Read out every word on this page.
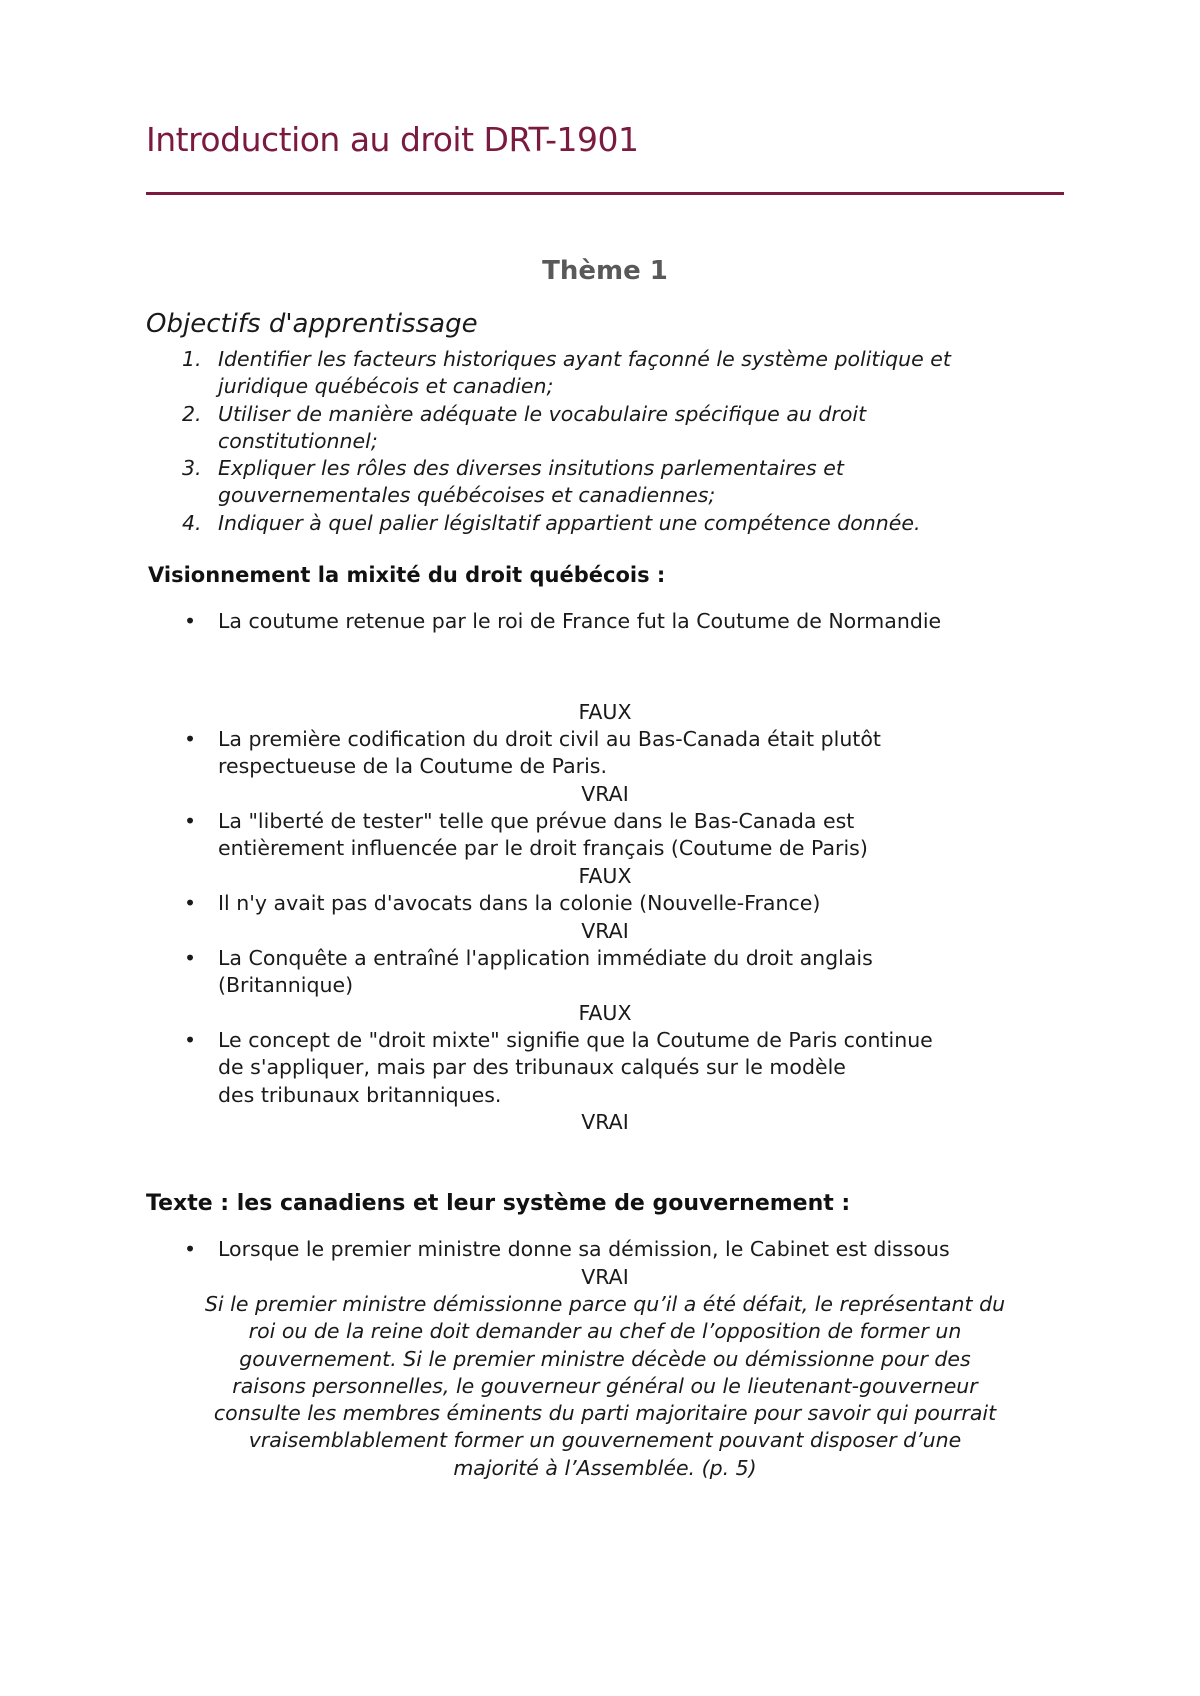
Introduction au droit DRT-1901
Thème 1
Objectifs d'apprentissage
1. Identifier les facteurs historiques ayant façonné le système politique et
juridique québécois et canadien;
2. Utiliser de manière adéquate le vocabulaire spécifique au droit
constitutionnel;
3. Expliquer les rôles des diverses insitutions parlementaires et
gouvernementales québécoises et canadiennes;
4. Indiquer à quel palier législtatif appartient une compétence donnée.
Visionnement la mixité du droit québécois :
• La coutume retenue par le roi de France fut la Coutume de Normandie

FAUX

• La première codification du droit civil au Bas-Canada était plutôt
respectueuse de la Coutume de Paris.

VRAI

• La "liberté de tester" telle que prévue dans le Bas-Canada est
entièrement influencée par le droit français (Coutume de Paris)

FAUX

• Il n'y avait pas d'avocats dans la colonie (Nouvelle-France)

VRAI

• La Conquête a entraîné l'application immédiate du droit anglais
(Britannique)

FAUX

• Le concept de "droit mixte" signifie que la Coutume de Paris continue
de s'appliquer, mais par des tribunaux calqués sur le modèle
des tribunaux britanniques.

VRAI

Texte : les canadiens et leur système de gouvernement :
• Lorsque le premier ministre donne sa démission, le Cabinet est dissous

VRAI

Si le premier ministre démissionne parce qu’il a été défait, le représentant du
roi ou de la reine doit demander au chef de l’opposition de former un
gouvernement. Si le premier ministre décède ou démissionne pour des
raisons personnelles, le gouverneur général ou le lieutenant-gouverneur
consulte les membres éminents du parti majoritaire pour savoir qui pourrait
vraisemblablement former un gouvernement pouvant disposer d’une
majorité à l’Assemblée. (p. 5)
